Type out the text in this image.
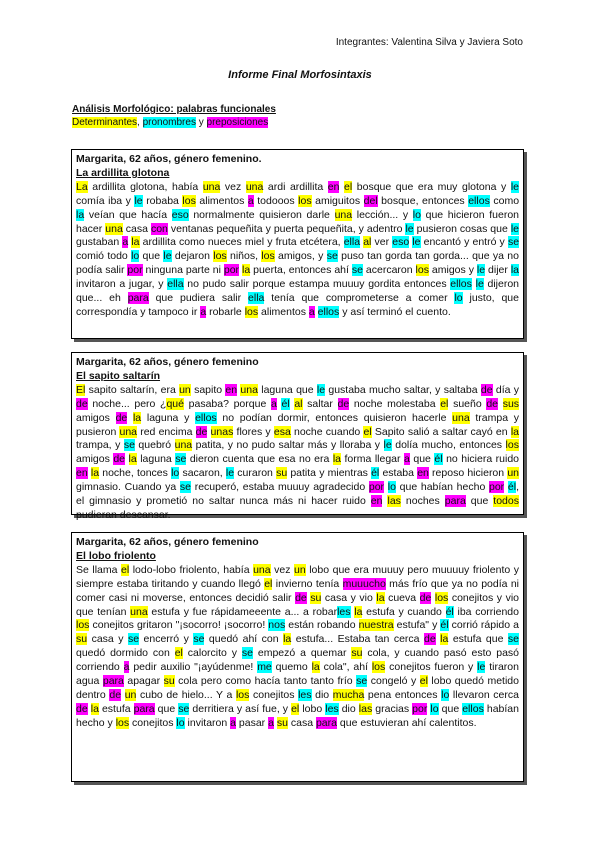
Integrantes: Valentina Silva y Javiera Soto
Informe Final Morfosintaxis
Análisis Morfológico: palabras funcionales
Determinantes, pronombres y preposiciones
Margarita, 62 años, género femenino.
La ardillita glotona
La ardillita glotona, había una vez una ardi ardillita en el bosque que era muy glotona y le comía iba y le robaba los alimentos a todooos los amiguitos del bosque, entonces ellos como la veían que hacía eso normalmente quisieron darle una lección... y lo que hicieron fueron hacer una casa con ventanas pequeñita y puerta pequeñita, y adentro le pusieron cosas que le gustaban a la ardillita como nueces miel y fruta etcétera, ella al ver eso le encantó y entró y se comió todo lo que le dejaron los niños, los amigos, y se puso tan gorda tan gorda... que ya no podía salir por ninguna parte ni por la puerta, entonces ahí se acercaron los amigos y le dijer la invitaron a jugar, y ella no pudo salir porque estampa muuuy gordita entonces ellos le dijeron que... eh para que pudiera salir ella tenía que comprometerse a comer lo justo, que correspondía y tampoco ir a robarle los alimentos a ellos y así terminó el cuento.
Margarita, 62 años, género femenino
El sapito saltarín
El sapito saltarín, era un sapito en una laguna que le gustaba mucho saltar, y saltaba de día y de noche... pero ¿qué pasaba? porque a él al saltar de noche molestaba el sueño de sus amigos de la laguna y ellos no podían dormir, entonces quisieron hacerle una trampa y pusieron una red encima de unas flores y esa noche cuando el Sapito salió a saltar cayó en la trampa, y se quebró una patita, y no pudo saltar más y lloraba y le dolía mucho, entonces los amigos de la laguna se dieron cuenta que esa no era la forma llegar a que él no hiciera ruido en la noche, tonces lo sacaron, le curaron su patita y mientras él estaba en reposo hicieron un gimnasio. Cuando ya se recuperó, estaba muuuy agradecido por lo que habían hecho por él, el gimnasio y prometió no saltar nunca más ni hacer ruido en las noches para que todos pudieran descansar.
Margarita, 62 años, género femenino
El lobo friolento
Se llama el lodo-lobo friolento, había una vez un lobo que era muuuy pero muuuuy friolento y siempre estaba tiritando y cuando llegó el invierno tenía muuucho más frío que ya no podía ni comer casi ni moverse, entonces decidió salir de su casa y vio la cueva de los conejitos y vio que tenían una estufa y fue rápidameeente a... a robarles la estufa y cuando él iba corriendo los conejitos gritaron "¡socorro! ¡socorro! nos están robando nuestra estufa" y él corrió rápido a su casa y se encerró y se quedó ahí con la estufa... Estaba tan cerca de la estufa que se quedó dormido con el calorcito y se empezó a quemar su cola, y cuando pasó esto pasó corriendo a pedir auxilio "¡ayúdenme! me quemo la cola", ahí los conejitos fueron y le tiraron agua para apagar su cola pero como hacía tanto tanto frío se congeló y el lobo quedó metido dentro de un cubo de hielo... Y a los conejitos les dio mucha pena entonces lo llevaron cerca de la estufa para que se derritiera y así fue, y el lobo les dio las gracias por lo que ellos habían hecho y los conejitos lo invitaron a pasar a su casa para que estuvieran ahí calentitos.
